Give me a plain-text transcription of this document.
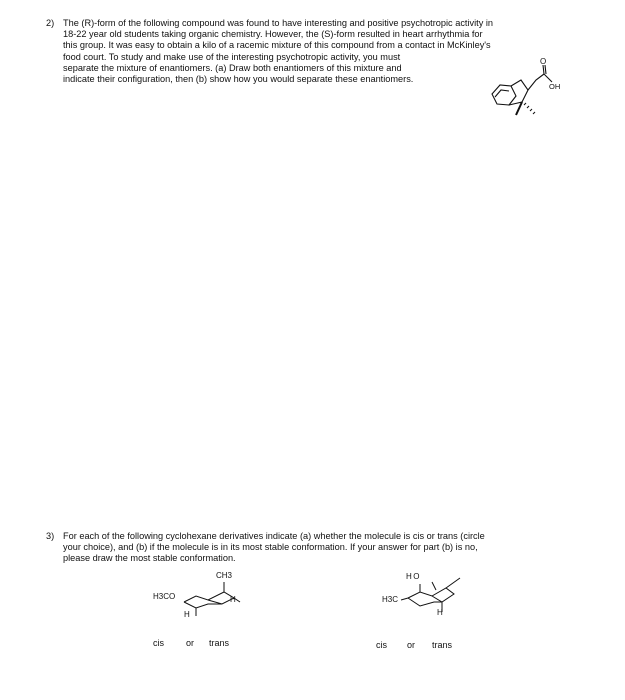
2) The (R)-form of the following compound was found to have interesting and positive psychotropic activity in
18-22 year old students taking organic chemistry. However, the (S)-form resulted in heart arrhythmia for
this group. It was easy to obtain a kilo of a racemic mixture of this compound from a contact in McKinley's
food court. To study and make use of the interesting psychotropic activity, you must
separate the mixture of enantiomers. (a) Draw both enantiomers of this mixture and
indicate their configuration, then (b) show how you would separate these enantiomers.
O
OH
3) For each of the following cyclohexane derivatives indicate (a) whether the molecule is cis or trans (circle
your choice), and (b) if the molecule is in its most stable conformation. If your answer for part (b) is no,
please draw the most stable conformation.
CH3
H3CO	H
H
cis or trans
HO
H3C
H
cis or trans
